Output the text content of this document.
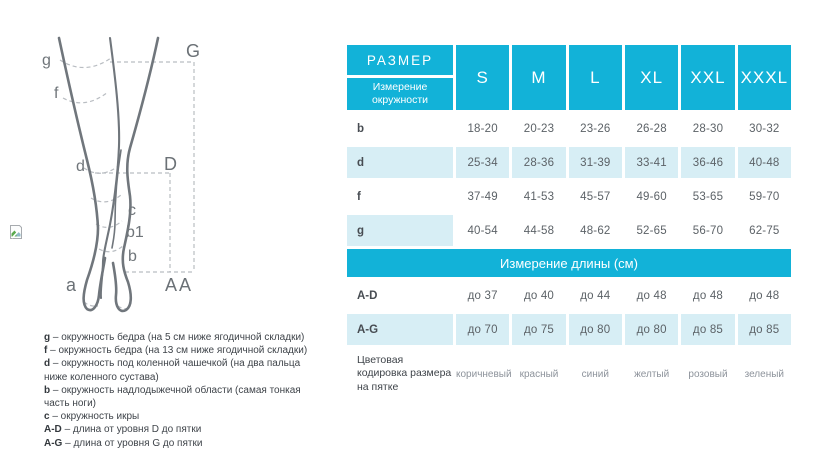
g
f
d
c
b1
b
a
G
D
AA
g – окружность бедра (на 5 см ниже ягодичной складки)
f – окружность бедра (на 13 см ниже ягодичной складки)
d – окружность под коленной чашечкой (на два пальца ниже коленного сустава)
b – окружность надлодыжечной области (самая тонкая часть ноги)
c – окружность икры
A-D – длина от уровня D до пятки
A-G – длина от уровня G до пятки
РАЗМЕР	S	M	L	XL	XXL	XXXL
Измерение окружности						
b	18-20	20-23	23-26	26-28	28-30	30-32
d	25-34	28-36	31-39	33-41	36-46	40-48
f	37-49	41-53	45-57	49-60	53-65	59-70
g	40-54	44-58	48-62	52-65	56-70	62-75
Измерение длины (см)						
A-D	до 37	до 40	до 44	до 48	до 48	до 48
A-G	до 70	до 75	до 80	до 80	до 85	до 85
Цветовая кодировка размера на пятке	коричневый	красный	синий	желтый	розовый	зеленый
